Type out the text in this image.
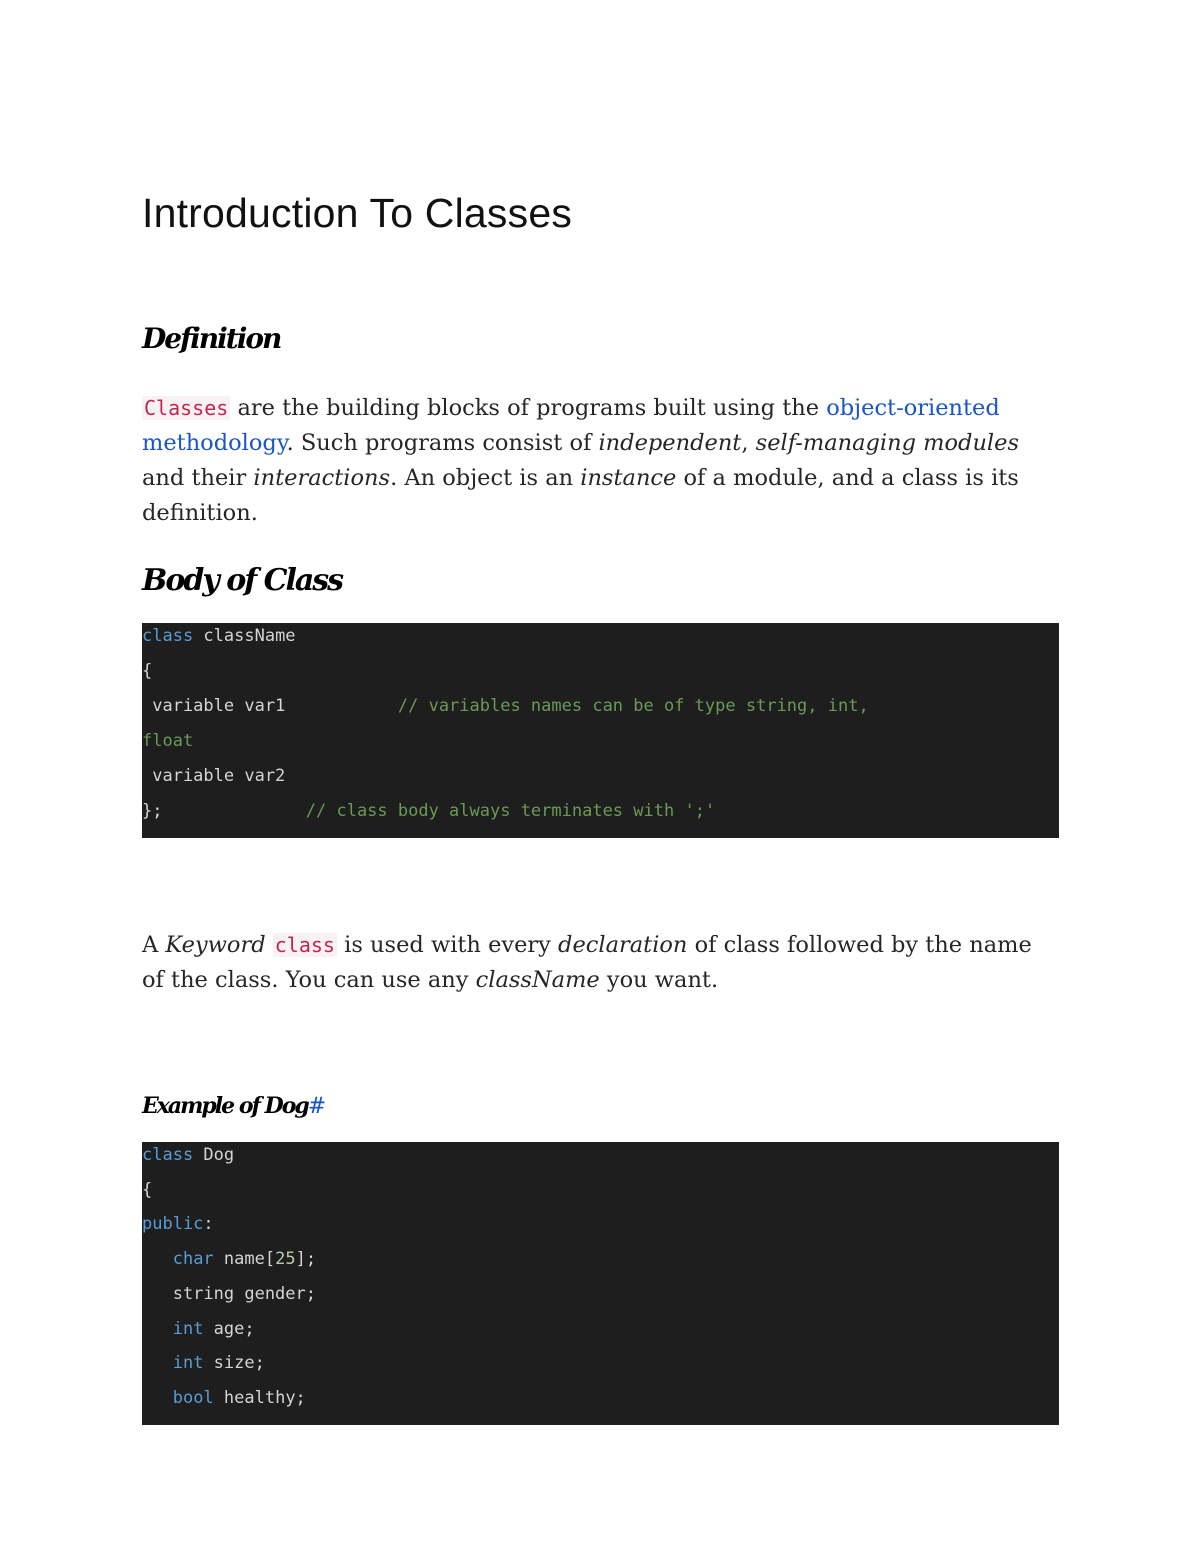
Introduction To Classes
Definition

Classes are the building blocks of programs built using the object-oriented methodology. Such programs consist of independent, self-managing modules and their interactions. An object is an instance of a module, and a class is its definition.

Body of Class
class className
{
variable var1           // variables names can be of type string, int,
float
variable var2
};              // class body always terminates with ';'

A Keyword class is used with every declaration of class followed by the name of the class. You can use any className you want.

Example of Dog#
class Dog
{
public:
char name[25];
string gender;
int age;
int size;
bool healthy;
